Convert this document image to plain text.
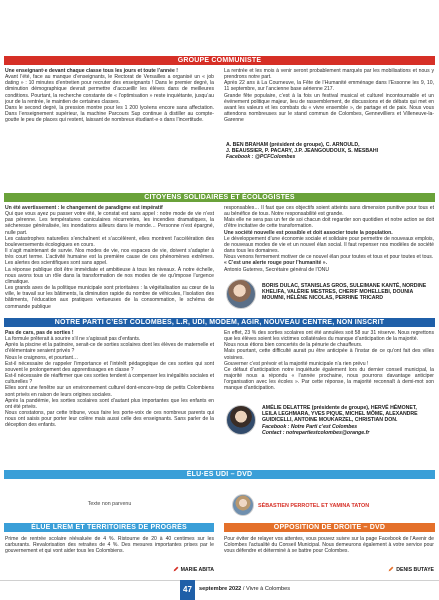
GROUPE COMMUNISTE

Une enseignant·e devant chaque classe tous les jours et toute l’année !

Avant l’été, face au manque d’enseignants, le Rectorat de Versailles a organisé un « job dating » : 10 minutes d’entretien pour recruter des enseignants ! Dans le premier degré, la diminution démographique devrait permettre d’accueillir les élèves dans de meilleures conditions. Pourtant, la recherche constante de « l’optimisation » reste inquiétante, jusqu’au jour de la rentrée, le maintien de certaines classes.

Dans le second degré, la pression montre pour les 1 200 lycéens encore sans affectation. Dans l’enseignement supérieur, la machine Parcours Sup continue à distiller au compte-goutte le peu de places qui restent, laissant de nombreux étudiant·e·s dans l’incertitude.

La rentrée et les mois à venir seront probablement marqués par les mobilisations et nous y prendrons notre part.

Après 22 ans à La Courneuve, la Fête de l’Humanité emménage dans l’Essonne les 9, 10, 11 septembre, sur l’ancienne base aérienne 217.

Grande fête populaire, c’est à la fois un festival musical et culturel incontournable et un événement politique majeur, lieu de rassemblement, de discussions et de débats qui met en avant les valeurs et les combats du « vivre ensemble », de partage et de paix. Nous vous attendons nombreuses sur le stand commun de Colombes, Gennevilliers et Villeneuve-la-Garenne

A. BEN BRAHAM (président de groupe), C. ARNOULD,
J. BEAUSSIER, P. PACARY, J.P. JEANGOUDOUX, S. MESBAHI
Facebook : @PCFColombes
CITOYENS SOLIDAIRES ET ÉCOLOGISTES

Un été avertissement : le changement de paradigme est impératif

Qui que vous ayez pu passer votre été, le constat est sans appel : notre mode de vie n’est pas pérenne. Les températures caniculaires récurrentes, les incendies dramatiques, la sécheresse généralisée, les inondations ailleurs dans le monde… Personne n’est épargné, nulle part.

Les catastrophes naturelles s’enchaînent et s’accélèrent, elles montrent l’accélération des bouleversements écologiques en cours.

Il s’agit maintenant de survie. Nos modes de vie, nos espaces de vie, doivent s’adapter à très court terme. L’activité humaine est la première cause de ces phénomènes extrêmes. Les alertes des scientifiques sont sans appel.

La réponse publique doit être immédiate et ambitieuse à tous les niveaux. À notre échelle, nous avons tous un rôle dans la transformation de nos modes de vie qu’impose l’urgence climatique.

Les grands axes de la politique municipale sont prioritaires : la végétalisation au cœur de la ville, le travail sur les bâtiments, la diminution rapide du nombre de véhicules, l’isolation des bâtiments, l’éducation aux pratiques vertueuses de la consommation, le schéma de commande publique

responsables… Il faut que ces objectifs soient atteints sans dimension punitive pour tous et au bénéfice de tous. Notre responsabilité est grande.

Mais elle ne sera pas un fer de soi chacun doit regarder son quotidien et notre action se doit d’être incitative de cette transformation.

Une société nouvelle est possible et doit associer toute la population.

Le développement d’une économie sociale et solidaire pour permettre de nouveaux emplois, de nouveaux modes de vie et un nouvel élan social. Il faut repenser nos modèles de société dans tous les domaines.

Nous venons fermement motiver de ce nouvel élan pour toutes et tous et pour toutes et tous.

« C’est une alerte rouge pour l’humanité ».

Antonio Guterres, Secrétaire général de l’ONU

BORIS DULAC, STANISLAS GROS, SULEIMANE KANTÉ, NORDINE
KHELIFA, VALÉRIE MESTRES, CHERIF MOHELLEBI, DOUNIA
MOUMNI, HÉLÈNE NICOLAS, PERRINE TRICARD
NOTRE PARTI C’EST COLOMBES, L.R, UDI, MODEM, AGIR, NOUVEAU CENTRE, NON INSCRIT

Pas de cars, pas de sorties !

La formule prêterait à sourire s’il ne s’agissait pas d’enfants.

Après la piscine et la patinoire, serait-ce de sorties scolaires dont les élèves de maternelle et d’élémentaire seraient privés ?

Nous le craignons, et pourtant…

Est-il nécessaire de rappeler l’importance et l’intérêt pédagogique de ces sorties qui sont souvent le prolongement des apprentissages en classe ?

Est-il nécessaire de réaffirmer que ces sorties tendent à compenser les inégalités sociales et culturelles ?

Elles sont une fenêtre sur un environnement culturel dont-encore-trop de petits Colombiens sont privés en raison de leurs origines sociales.

Après la pandémie, les sorties scolaires sont d’autant plus importantes que les enfants en ont été privés.

Nous constatons, par cette tribune, vous faire les porte-voix de ces nombreux parents qui nous ont saisis pour porter leur colère mais aussi celle des enseignants. Sans parler de la déception des enfants.

En effet, 23 % des sorties scolaires ont été annulées soit 58 sur 31 réserve. Nous regrettons que les élèves soient les victimes collatérales du manque d’anticipation de la majorité.

Nous nous étions bien concertés de la pénurie de chauffeurs.

Mais pourtant, cette difficulté aurait pu être anticipée à l’instar de ce qu’ont fait des villes voisines.

Gouverner c’est prévoir et la majorité municipale n’a rien prévu !

Ce défaut d’anticipation notre inquiétude également lors du dernier conseil municipal, la majorité nous a répondu « l’année prochaine, nous pourrons davantage anticiper l’organisation avec les écoles ». Par cette réponse, la majorité reconnaît à demi-mot son manque d’anticipation.

AMÉLIE DELATTRE (présidente de groupe), HERVÉ HÉMONET,
LEILA LEGHMARA, YVES PIQUE, MICHEL MÔME, ALEXANDRE
GUIDICELLI, ANTOINE MOUKARZEL, CHRISTIAN DON.
Facebook : Notre Parti c’est Colombes
Contact : notrepartiestcolombes@orange.fr
ÉLU·ES UDI – DVD
Texte non parvenu	SÉBASTIEN PERROTEL ET YAMINA TATON
ÉLUE LREM ET TERRITOIRES DE PROGRÈS

Prime de rentrée scolaire réévaluée de 4 %. Ristourne de 20 à 40 centimes sur les carburants. Revalorisation des retraites de 4 %. Des mesures importantes prises par le gouvernement et qui vont aider tous les Colombiens.

MARIE ABITA
OPPOSITION DE DROITE – DVD

Pour éviter de relayer vos attentes, vous pouvez suivre sur la page Facebook de l’Avenir de Colombes l’actualité du Conseil Municipal. Nous demeurons également à votre service pour vous défendre et déterminé à se battre pour Colombes.

DENIS BUTAYE
47	septembre 2022 / Vivre à Colombes
